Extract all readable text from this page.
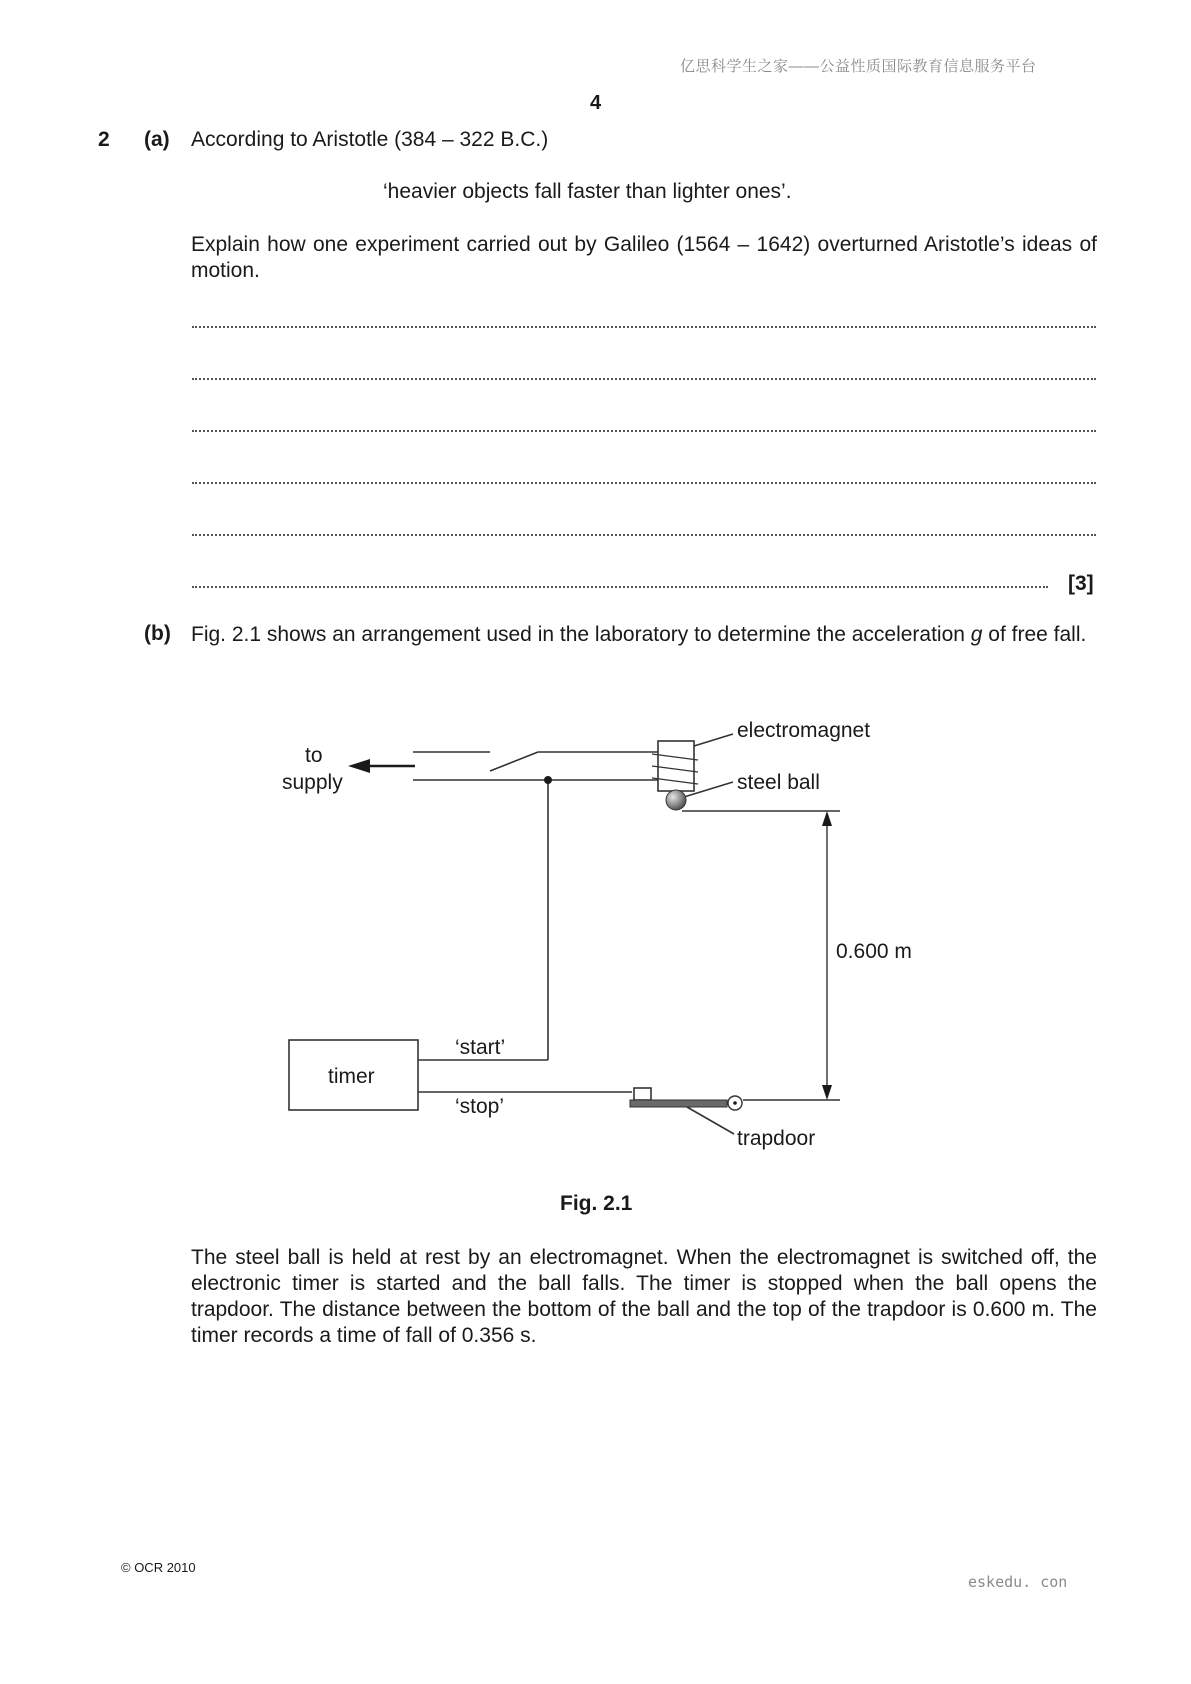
亿思科学生之家——公益性质国际教育信息服务平台
4
2 (a) According to Aristotle (384 – 322 B.C.)
‘heavier objects fall faster than lighter ones’.
Explain how one experiment carried out by Galileo (1564 – 1642) overturned Aristotle’s ideas of motion.
[3]
(b) Fig. 2.1 shows an arrangement used in the laboratory to determine the acceleration g of free fall.
to
supply
electromagnet
steel ball
0.600 m
timer
‘start’
‘stop’
trapdoor
Fig. 2.1
The steel ball is held at rest by an electromagnet. When the electromagnet is switched off, the electronic timer is started and the ball falls. The timer is stopped when the ball opens the trapdoor. The distance between the bottom of the ball and the top of the trapdoor is 0.600 m. The timer records a time of fall of 0.356 s.
© OCR 2010
eskedu. con
